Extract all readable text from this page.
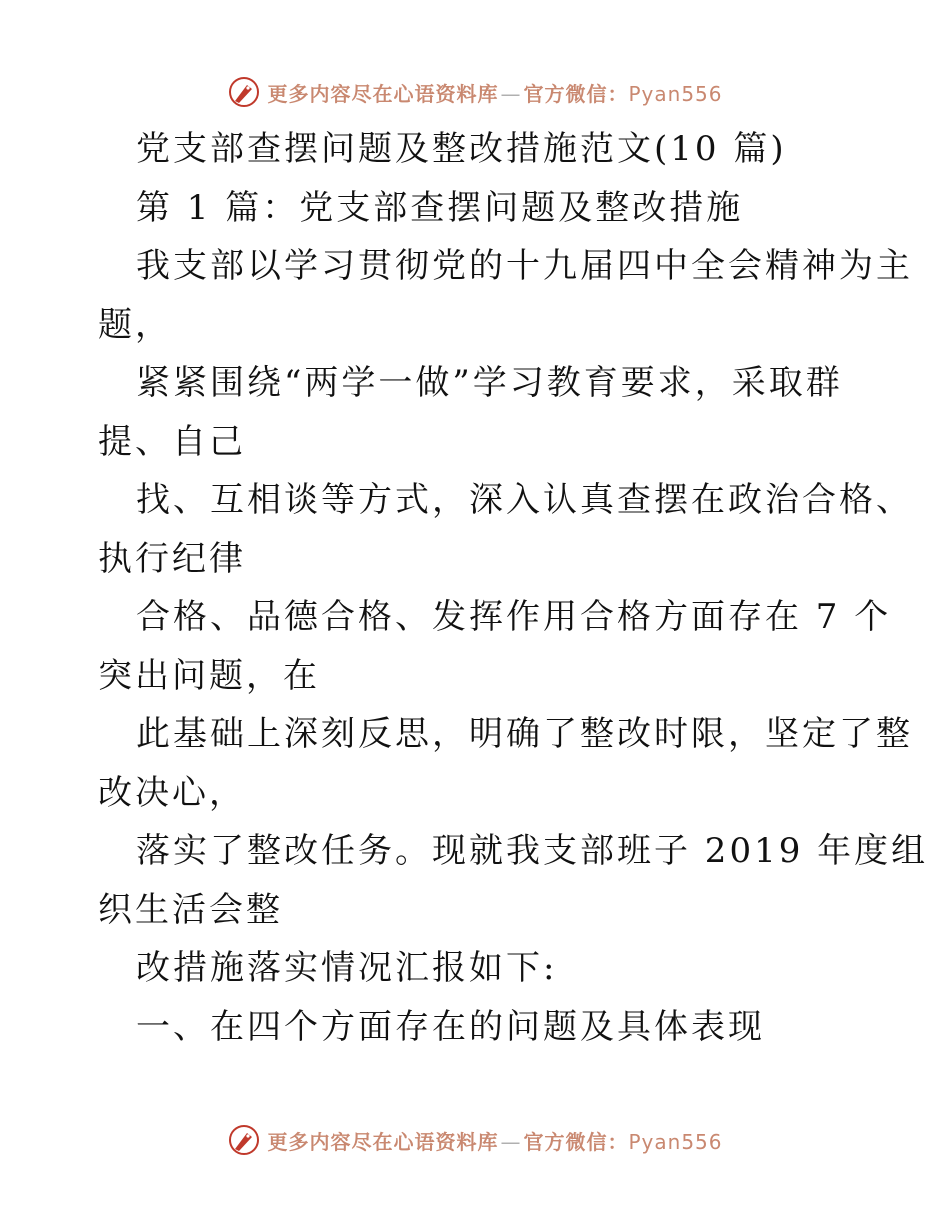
更多内容尽在心语资料库 — 官方微信：Pyan556
党支部查摆问题及整改措施范文(10 篇)
第 1 篇：党支部查摆问题及整改措施
我支部以学习贯彻党的十九届四中全会精神为主
题，
紧紧围绕“两学一做”学习教育要求，采取群
提、自己
找、互相谈等方式，深入认真查摆在政治合格、
执行纪律
合格、品德合格、发挥作用合格方面存在 7 个
突出问题，在
此基础上深刻反思，明确了整改时限，坚定了整
改决心，
落实了整改任务。现就我支部班子 2019 年度组
织生活会整
改措施落实情况汇报如下:
一、在四个方面存在的问题及具体表现
更多内容尽在心语资料库 — 官方微信：Pyan556
